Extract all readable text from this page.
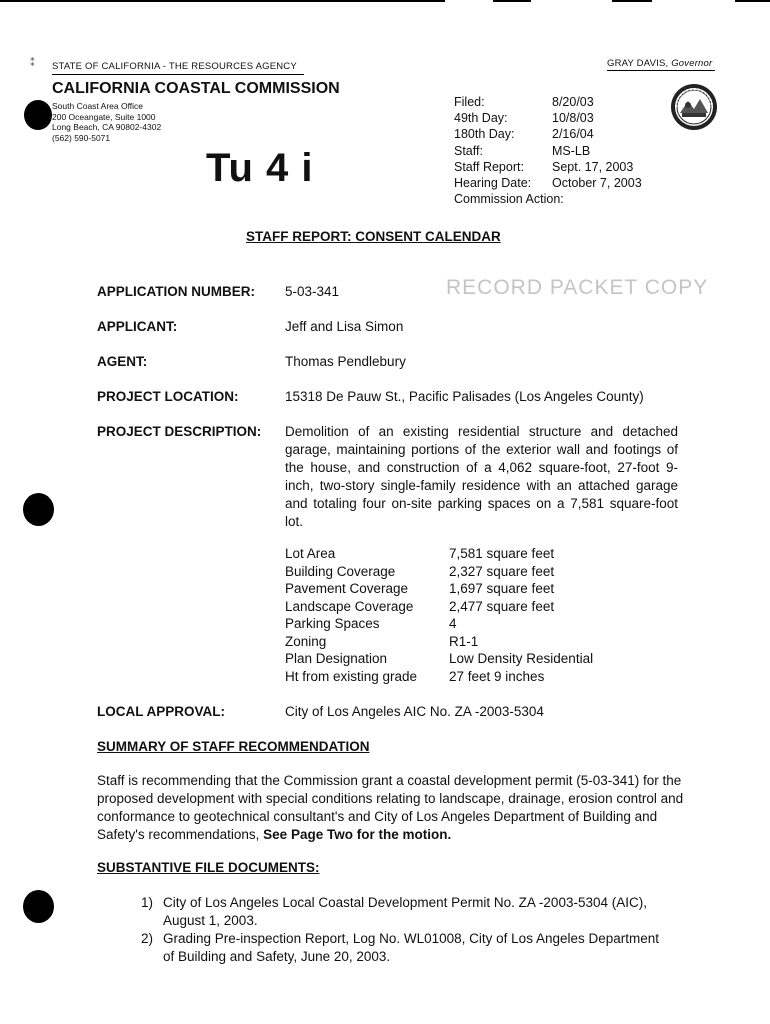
⁑ STATE OF CALIFORNIA - THE RESOURCES AGENCY	GRAY DAVIS, Governor
CALIFORNIA COASTAL COMMISSION
South Coast Area Office
200 Oceangate, Suite 1000
Long Beach, CA 90802-4302
(562) 590-5071
Tu 4 i
Filed:	8/20/03
49th Day:	10/8/03
180th Day:	2/16/04
Staff:	MS-LB
Staff Report:	Sept. 17, 2003
Hearing Date:	October 7, 2003
Commission Action:	
STAFF REPORT: CONSENT CALENDAR
RECORD PACKET COPY
APPLICATION NUMBER: 5-03-341
APPLICANT:	Jeff and Lisa Simon
AGENT:	Thomas Pendlebury
PROJECT LOCATION:	15318 De Pauw St., Pacific Palisades (Los Angeles County)
PROJECT DESCRIPTION: Demolition of an existing residential structure and detached garage, maintaining portions of the exterior wall and footings of the house, and construction of a 4,062 square-foot, 27-foot 9-inch, two-story single-family residence with an attached garage and totaling four on-site parking spaces on a 7,581 square-foot lot.
Lot Area	7,581 square feet
Building Coverage	2,327 square feet
Pavement Coverage	1,697 square feet
Landscape Coverage	2,477 square feet
Parking Spaces	4
Zoning	R1-1
Plan Designation	Low Density Residential
Ht from existing grade	27 feet 9 inches
LOCAL APPROVAL:	City of Los Angeles AIC No. ZA -2003-5304
SUMMARY OF STAFF RECOMMENDATION
Staff is recommending that the Commission grant a coastal development permit (5-03-341) for the proposed development with special conditions relating to landscape, drainage, erosion control and conformance to geotechnical consultant's and City of Los Angeles Department of Building and Safety's recommendations, See Page Two for the motion.
SUBSTANTIVE FILE DOCUMENTS:
1) City of Los Angeles Local Coastal Development Permit No. ZA -2003-5304 (AIC), August 1, 2003.
2) Grading Pre-inspection Report, Log No. WL01008, City of Los Angeles Department of Building and Safety, June 20, 2003.
